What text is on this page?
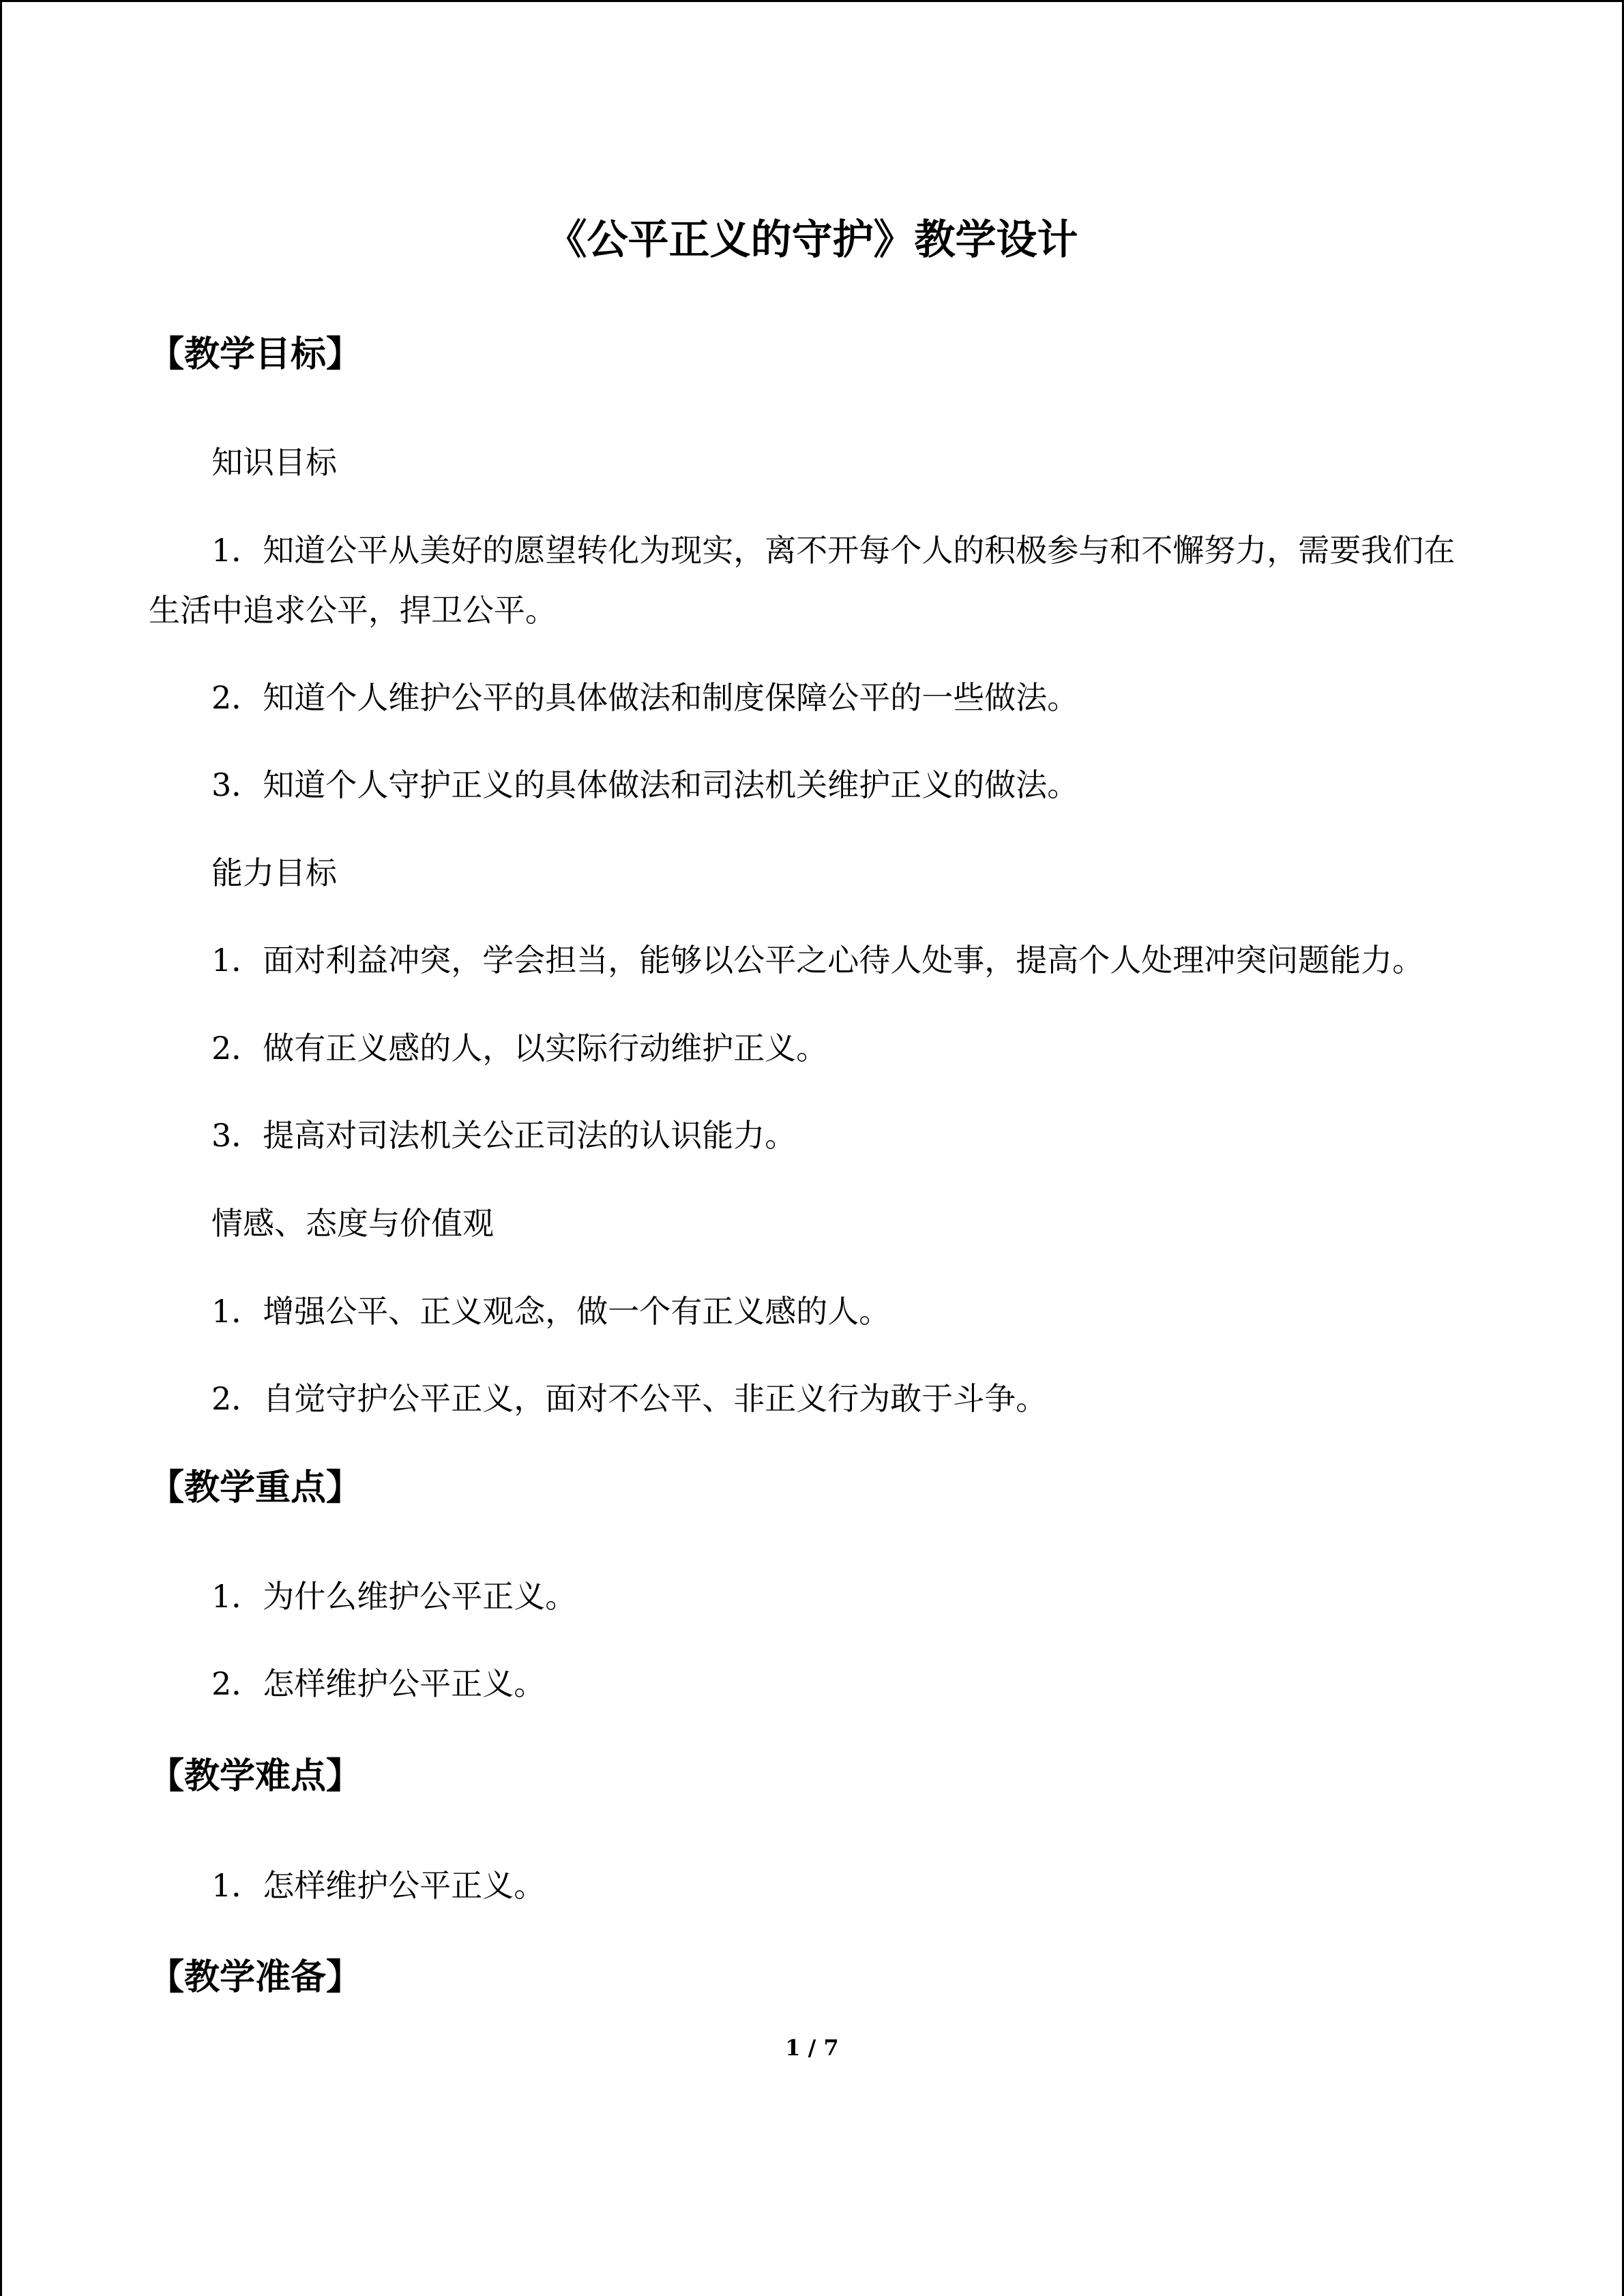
《公平正义的守护》教学设计
【教学目标】

知识目标

1．知道公平从美好的愿望转化为现实，离不开每个人的积极参与和不懈努力，需要我们在生活中追求公平，捍卫公平。

2．知道个人维护公平的具体做法和制度保障公平的一些做法。

3．知道个人守护正义的具体做法和司法机关维护正义的做法。

能力目标

1．面对利益冲突，学会担当，能够以公平之心待人处事，提高个人处理冲突问题能力。

2．做有正义感的人，以实际行动维护正义。

3．提高对司法机关公正司法的认识能力。

情感、态度与价值观

1．增强公平、正义观念，做一个有正义感的人。

2．自觉守护公平正义，面对不公平、非正义行为敢于斗争。

【教学重点】

1．为什么维护公平正义。

2．怎样维护公平正义。

【教学难点】

1．怎样维护公平正义。

【教学准备】
1 / 7
